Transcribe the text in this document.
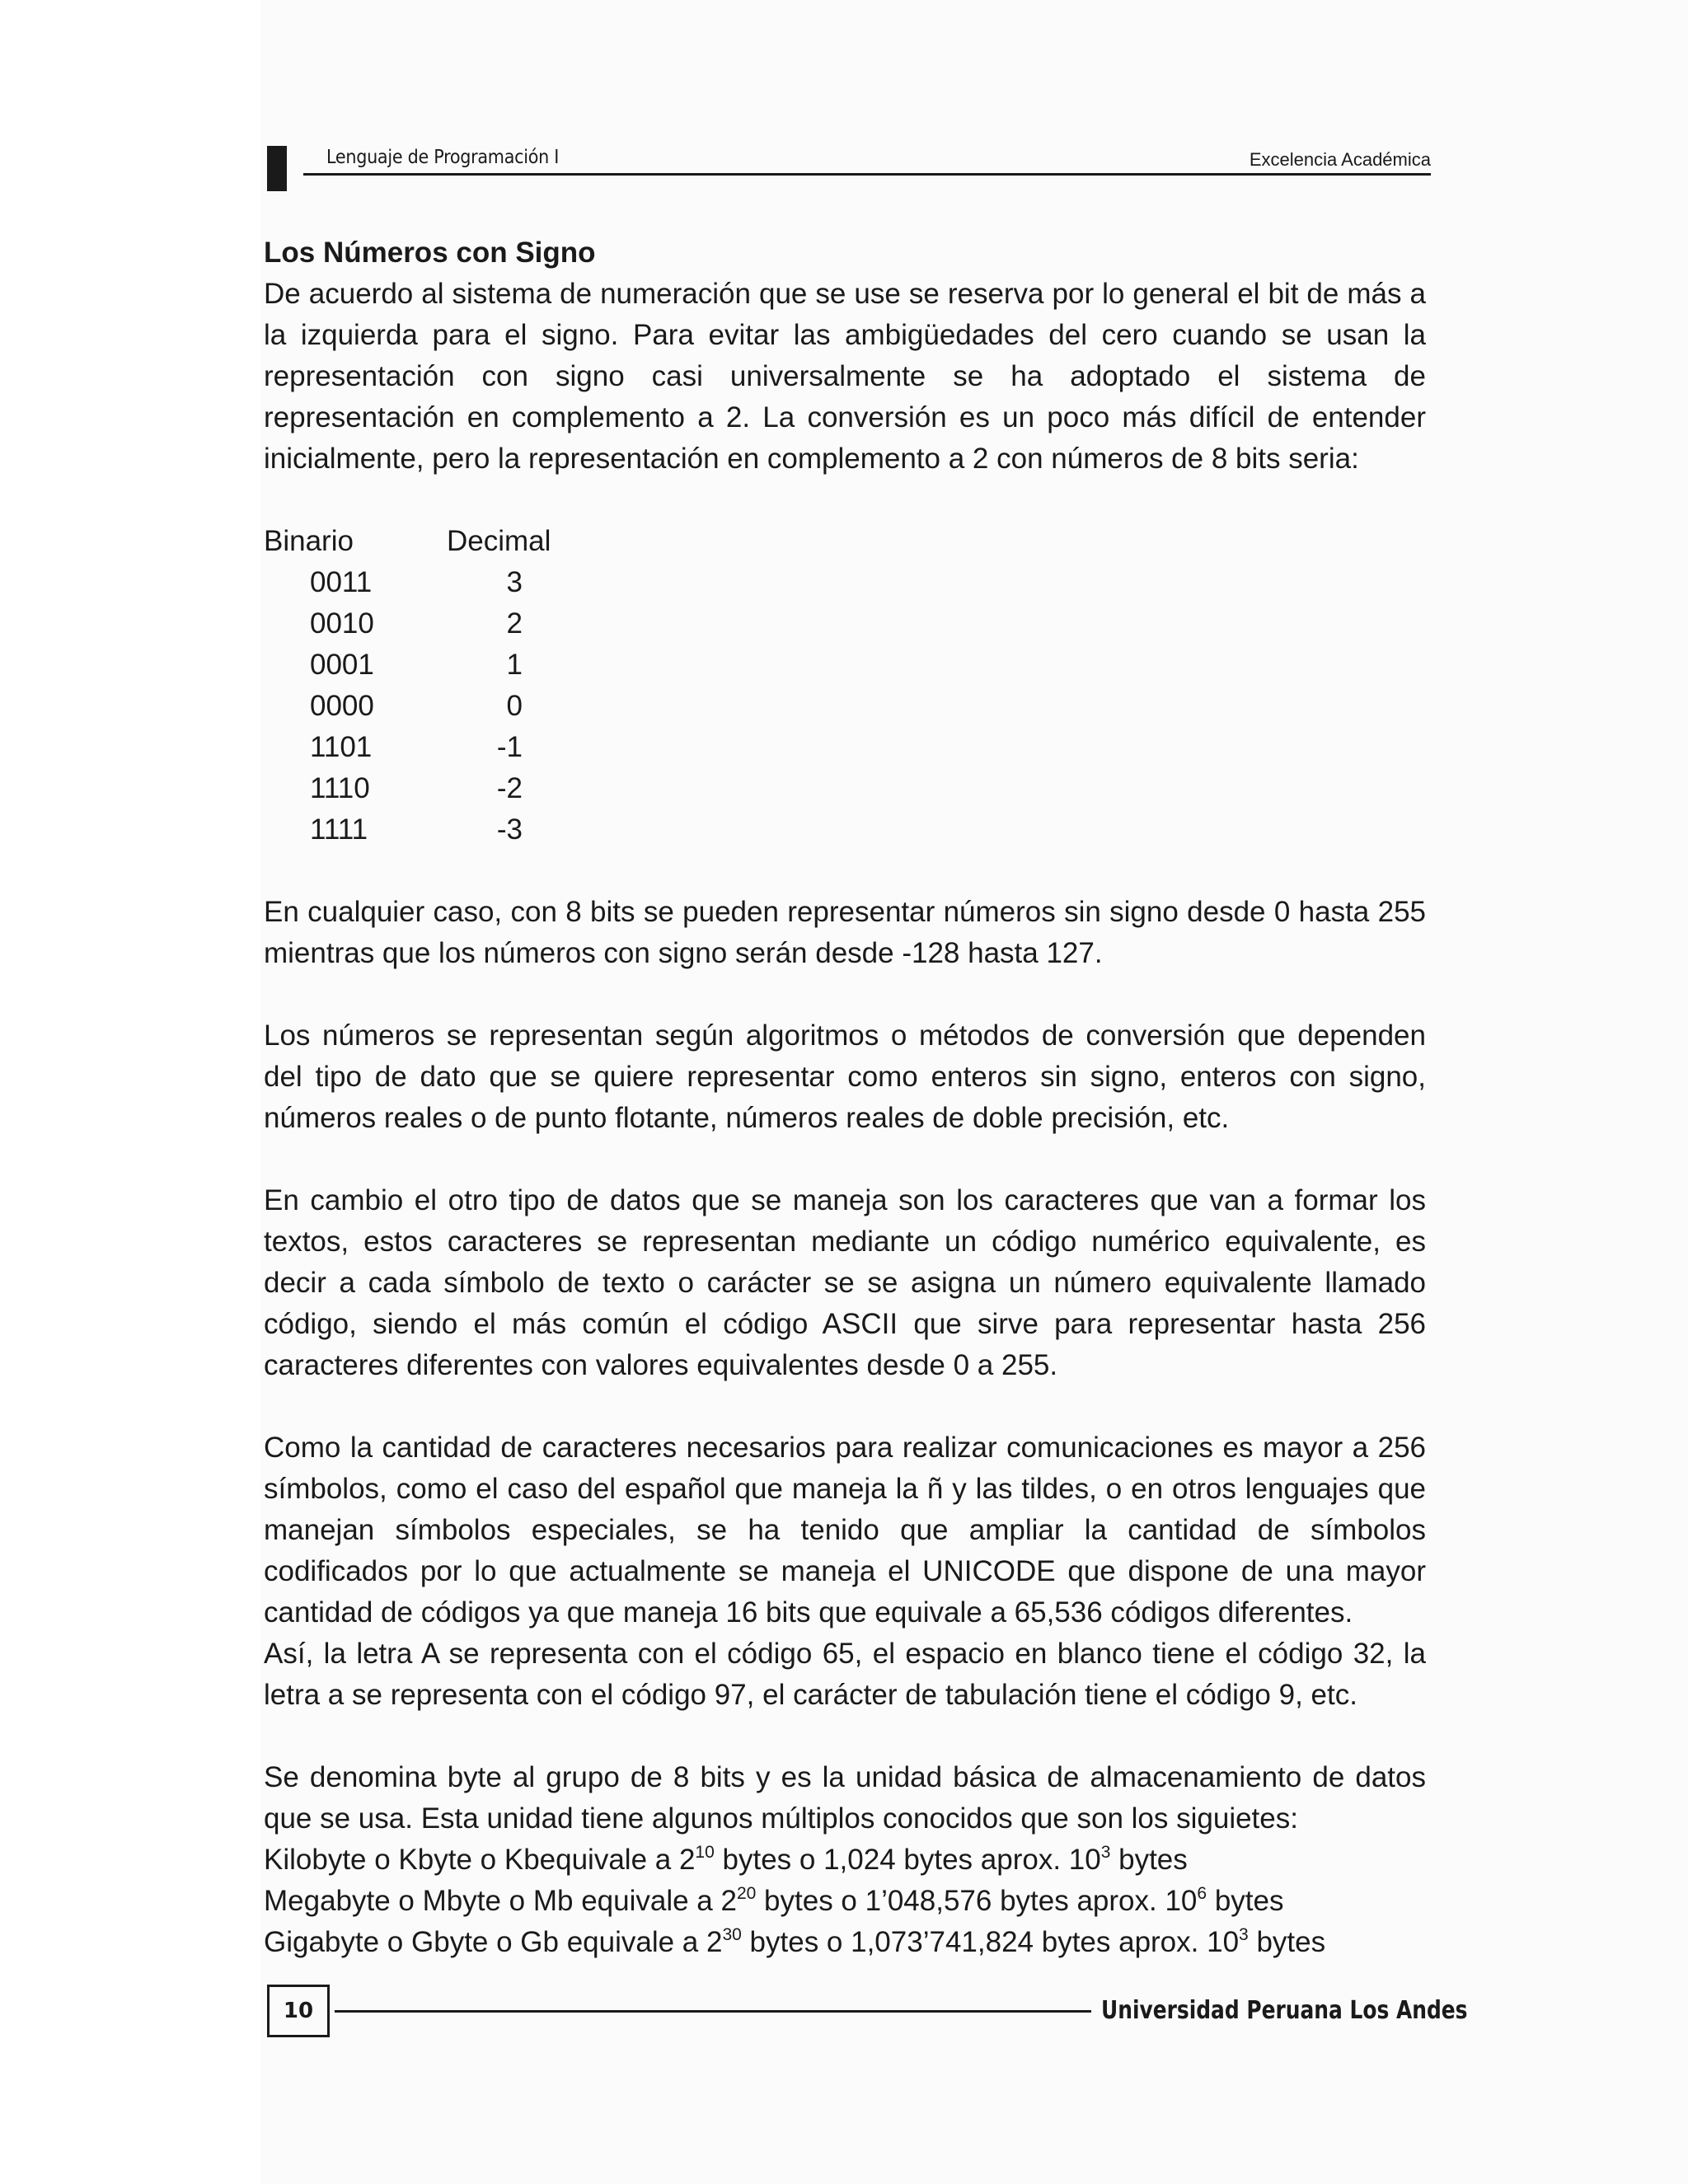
Lenguaje de Programación I	Excelencia Académica
Los Números con Signo

De acuerdo al sistema de numeración que se use se reserva por lo general el bit de más a la izquierda para el signo. Para evitar las ambigüedades del cero cuando se usan la representación con signo casi universalmente se ha adoptado el sistema de representación en complemento a 2. La conversión es un poco más difícil de entender inicialmente, pero la representación en complemento a 2 con números de 8 bits seria:

Binario	Decimal
0011	3
0010	2
0001	1
0000	0
1101	-1
1110	-2
1111	-3

En cualquier caso, con 8 bits se pueden representar números sin signo desde 0 hasta 255 mientras que los números con signo serán desde -128 hasta 127.

Los números se representan según algoritmos o métodos de conversión que dependen del tipo de dato que se quiere representar como enteros sin signo, enteros con signo, números reales o de punto flotante, números reales de doble precisión, etc.

En cambio el otro tipo de datos que se maneja son los caracteres que van a formar los textos, estos caracteres se representan mediante un código numérico equivalente, es decir a cada símbolo de texto o carácter se se asigna un número equivalente llamado código, siendo el más común el código ASCII que sirve para representar hasta 256 caracteres diferentes con valores equivalentes desde 0 a 255.

Como la cantidad de caracteres necesarios para realizar comunicaciones es mayor a 256 símbolos, como el caso del español que maneja la ñ y las tildes, o en otros lenguajes que manejan símbolos especiales, se ha tenido que ampliar la cantidad de símbolos codificados por lo que actualmente se maneja el UNICODE que dispone de una mayor cantidad de códigos ya que maneja 16 bits que equivale a 65,536 códigos diferentes.

Así, la letra A se representa con el código 65, el espacio en blanco tiene el código 32, la letra a se representa con el código 97, el carácter de tabulación tiene el código 9, etc.

Se denomina byte al grupo de 8 bits y es la unidad básica de almacenamiento de datos que se usa. Esta unidad tiene algunos múltiplos conocidos que son los siguietes:

Kilobyte o Kbyte o Kbequivale a $2^{10}$ bytes o 1,024 bytes aprox. $10^3$ bytes
Megabyte o Mbyte o Mb equivale a $2^{20}$ bytes o 1’048,576 bytes aprox. $10^6$ bytes
Gigabyte o Gbyte o Gb equivale a $2^{30}$ bytes o 1,073’741,824 bytes aprox. $10^3$ bytes
10	Universidad Peruana Los Andes
